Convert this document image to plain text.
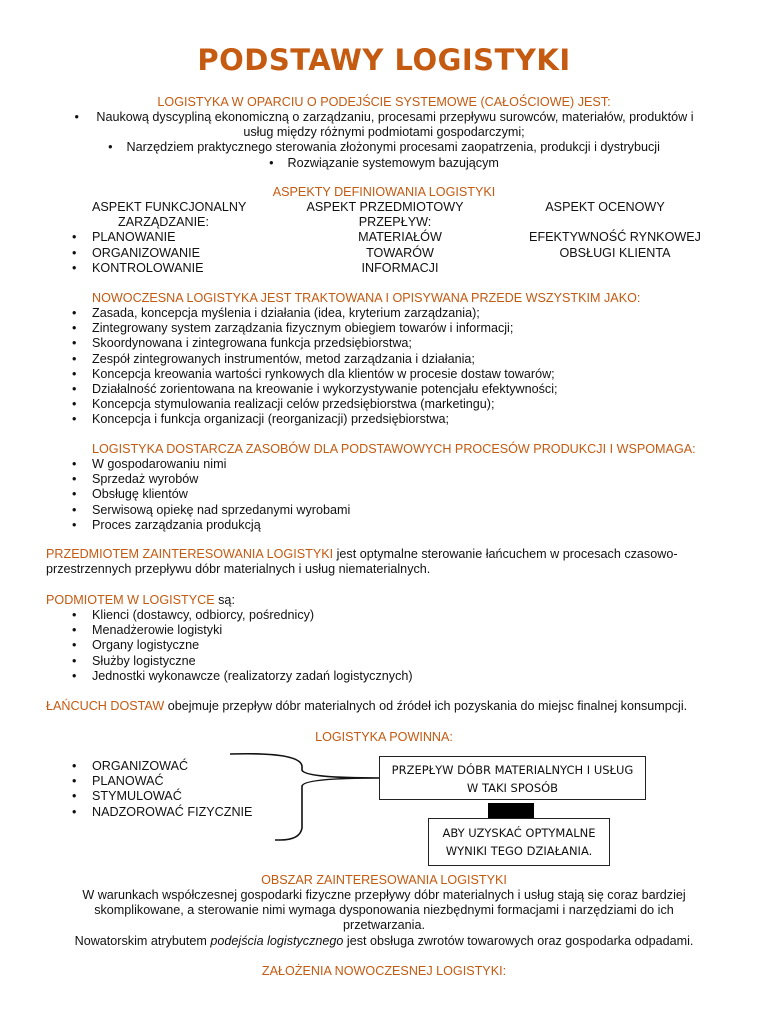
PODSTAWY LOGISTYKI
LOGISTYKA W OPARCIU O PODEJŚCIE SYSTEMOWE (CAŁOŚCIOWE) JEST:
•     Naukową dyscypliną ekonomiczną o zarządzaniu, procesami przepływu surowców, materiałów, produktów i
usług między różnymi podmiotami gospodarczymi;
•    Narzędziem praktycznego sterowania złożonymi procesami zaopatrzenia, produkcji i dystrybucji
•    Rozwiązanie systemowym bazującym
ASPEKTY DEFINIOWANIA LOGISTYKI
ASPEKT FUNKCJONALNY
ZARZĄDZANIE:
• PLANOWANIE
• ORGANIZOWANIE
• KONTROLOWANIE
ASPEKT PRZEDMIOTOWY
PRZEPŁYW:
MATERIAŁÓW
TOWARÓW
INFORMACJI
ASPEKT OCENOWY
EFEKTYWNOŚĆ RYNKOWEJ
OBSŁUGI KLIENTA
NOWOCZESNA LOGISTYKA JEST TRAKTOWANA I OPISYWANA PRZEDE WSZYSTKIM JAKO:
• Zasada, koncepcja myślenia i działania (idea, kryterium zarządzania);
• Zintegrowany system zarządzania fizycznym obiegiem towarów i informacji;
• Skoordynowana i zintegrowana funkcja przedsiębiorstwa;
• Zespół zintegrowanych instrumentów, metod zarządzania i działania;
• Koncepcja kreowania wartości rynkowych dla klientów w procesie dostaw towarów;
• Działalność zorientowana na kreowanie i wykorzystywanie potencjału efektywności;
• Koncepcja stymulowania realizacji celów przedsiębiorstwa (marketingu);
• Koncepcja i funkcja organizacji (reorganizacji) przedsiębiorstwa;
LOGISTYKA DOSTARCZA ZASOBÓW DLA PODSTAWOWYCH PROCESÓW PRODUKCJI I WSPOMAGA:
• W gospodarowaniu nimi
• Sprzedaż wyrobów
• Obsługę klientów
• Serwisową opiekę nad sprzedanymi wyrobami
• Proces zarządzania produkcją
PRZEDMIOTEM ZAINTERESOWANIA LOGISTYKI jest optymalne sterowanie łańcuchem w procesach czasowo-
przestrzennych przepływu dóbr materialnych i usług niematerialnych.
PODMIOTEM W LOGISTYCE są:
• Klienci (dostawcy, odbiorcy, pośrednicy)
• Menadżerowie logistyki
• Organy logistyczne
• Służby logistyczne
• Jednostki wykonawcze (realizatorzy zadań logistycznych)
ŁAŃCUCH DOSTAW obejmuje przepływ dóbr materialnych od źródeł ich pozyskania do miejsc finalnej konsumpcji.
LOGISTYKA POWINNA:
• ORGANIZOWAĆ
• PLANOWAĆ
• STYMULOWAĆ
• NADZOROWAĆ FIZYCZNIE
PRZEPŁYW DÓBR MATERIALNYCH I USŁUG
W TAKI SPOSÓB
ABY UZYSKAĆ OPTYMALNE
WYNIKI TEGO DZIAŁANIA.
OBSZAR ZAINTERESOWANIA LOGISTYKI
W warunkach współczesnej gospodarki fizyczne przepływy dóbr materialnych i usług stają się coraz bardziej
skomplikowane, a sterowanie nimi wymaga dysponowania niezbędnymi formacjami i narzędziami do ich
przetwarzania.
Nowatorskim atrybutem podejścia logistycznego jest obsługa zwrotów towarowych oraz gospodarka odpadami.
ZAŁOŻENIA NOWOCZESNEJ LOGISTYKI:
